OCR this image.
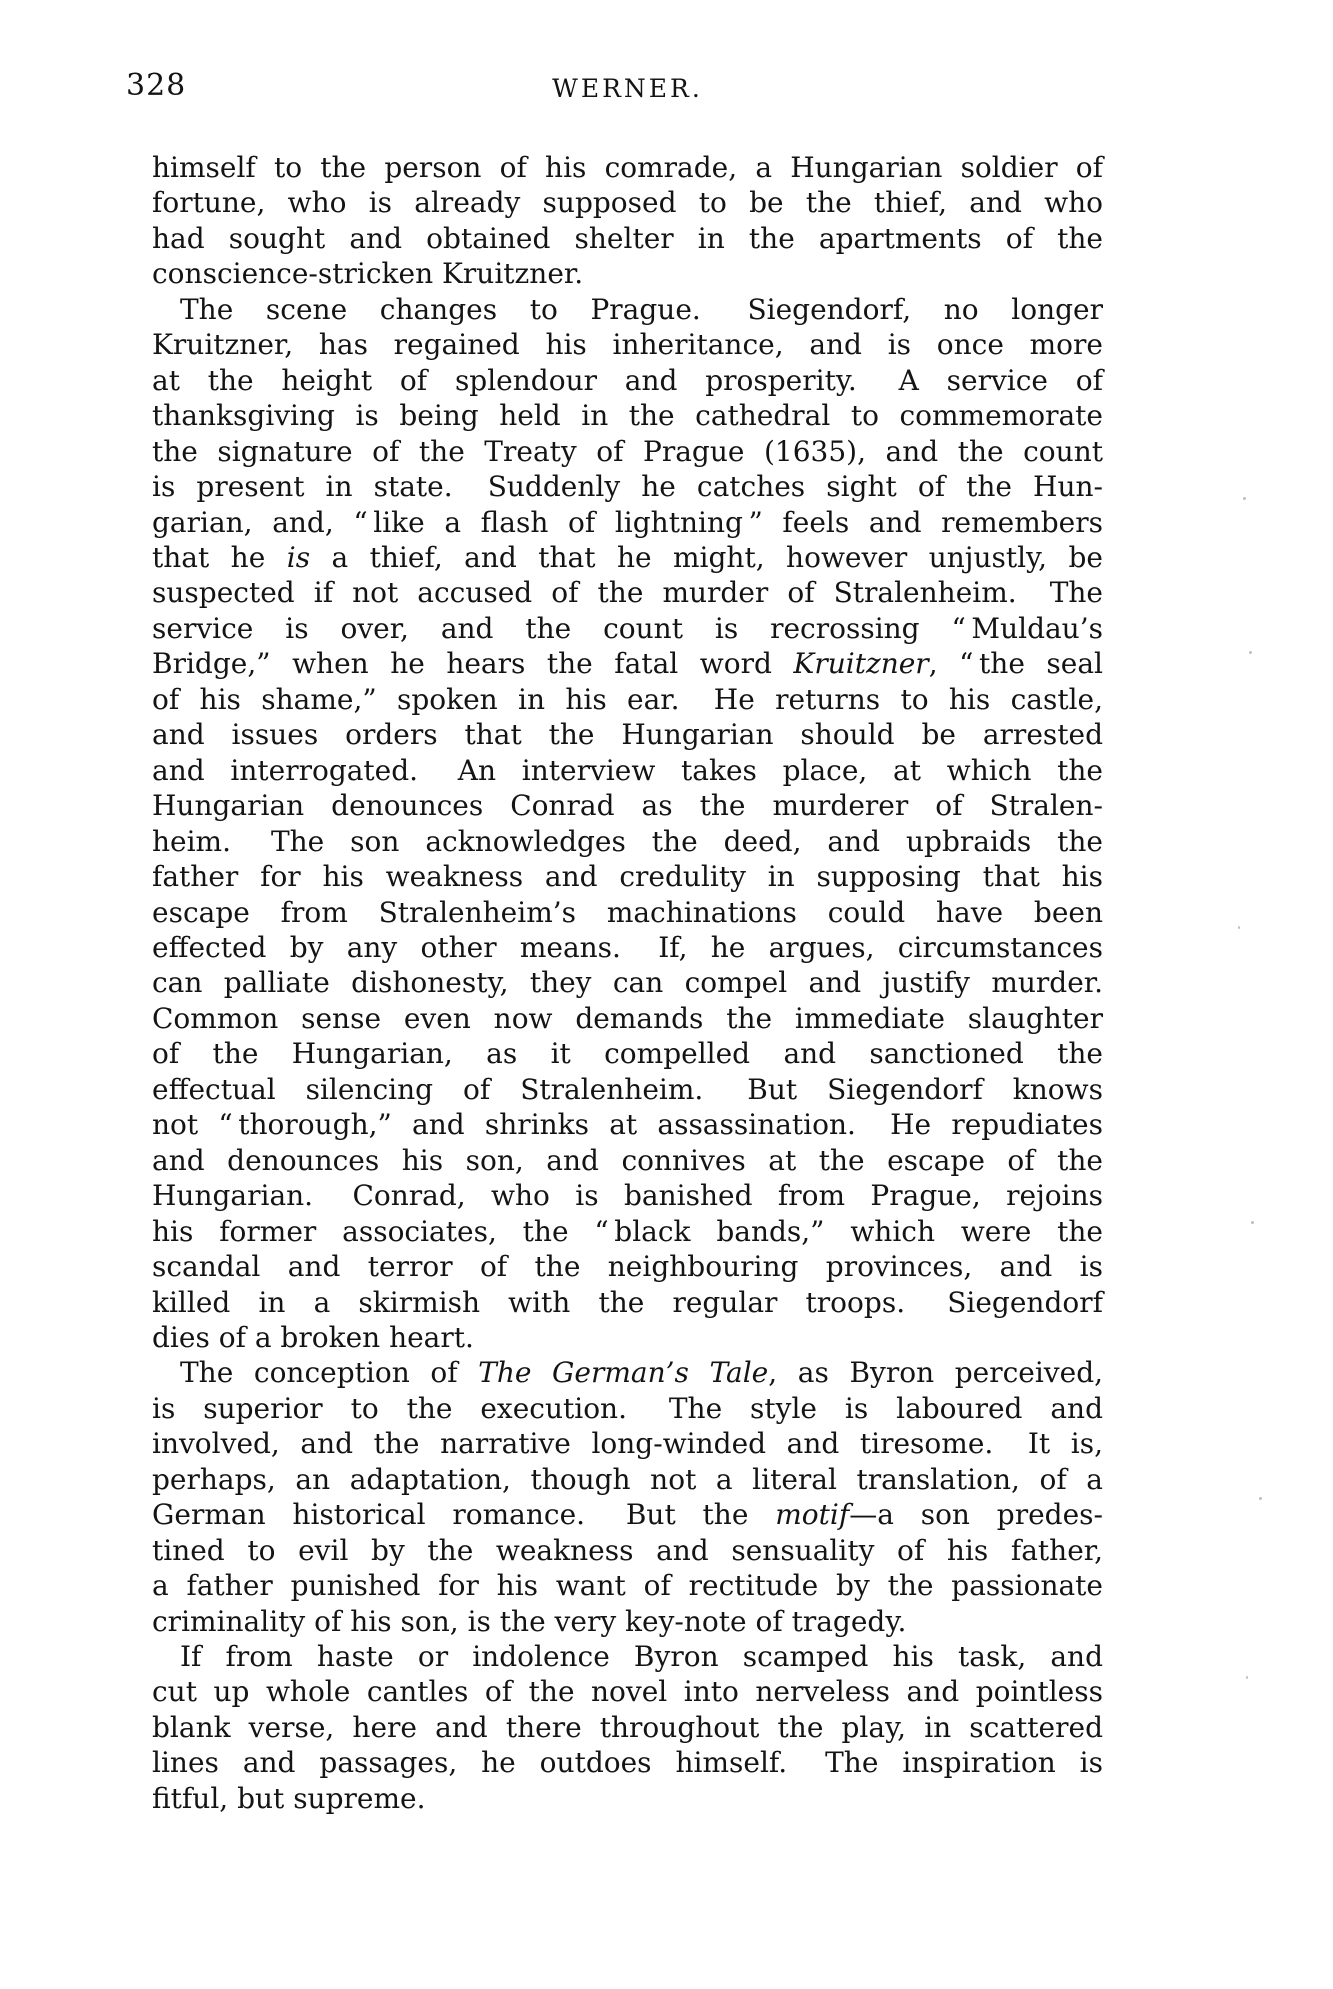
328	WERNER.
himself to the person of his comrade, a Hungarian soldier of
fortune, who is already supposed to be the thief, and who
had sought and obtained shelter in the apartments of the
conscience-stricken Kruitzner.
The scene changes to Prague.  Siegendorf, no longer
Kruitzner, has regained his inheritance, and is once more
at the height of splendour and prosperity.  A service of
thanksgiving is being held in the cathedral to commemorate
the signature of the Treaty of Prague (1635), and the count
is present in state.  Suddenly he catches sight of the Hun-
garian, and, “ like a flash of lightning ” feels and remembers
that he is a thief, and that he might, however unjustly, be
suspected if not accused of the murder of Stralenheim.  The
service is over, and the count is recrossing “ Muldau’s
Bridge,” when he hears the fatal word Kruitzner, “ the seal
of his shame,” spoken in his ear.  He returns to his castle,
and issues orders that the Hungarian should be arrested
and interrogated.  An interview takes place, at which the
Hungarian denounces Conrad as the murderer of Stralen-
heim.  The son acknowledges the deed, and upbraids the
father for his weakness and credulity in supposing that his
escape from Stralenheim’s machinations could have been
effected by any other means.  If, he argues, circumstances
can palliate dishonesty, they can compel and justify murder.
Common sense even now demands the immediate slaughter
of the Hungarian, as it compelled and sanctioned the
effectual silencing of Stralenheim.  But Siegendorf knows
not “ thorough,” and shrinks at assassination.  He repudiates
and denounces his son, and connives at the escape of the
Hungarian.  Conrad, who is banished from Prague, rejoins
his former associates, the “ black bands,” which were the
scandal and terror of the neighbouring provinces, and is
killed in a skirmish with the regular troops.  Siegendorf
dies of a broken heart.
The conception of The German’s Tale, as Byron perceived,
is superior to the execution.  The style is laboured and
involved, and the narrative long-winded and tiresome.  It is,
perhaps, an adaptation, though not a literal translation, of a
German historical romance.  But the motif—a son predes-
tined to evil by the weakness and sensuality of his father,
a father punished for his want of rectitude by the passionate
criminality of his son, is the very key-note of tragedy.
If from haste or indolence Byron scamped his task, and
cut up whole cantles of the novel into nerveless and pointless
blank verse, here and there throughout the play, in scattered
lines and passages, he outdoes himself.  The inspiration is
fitful, but supreme.
